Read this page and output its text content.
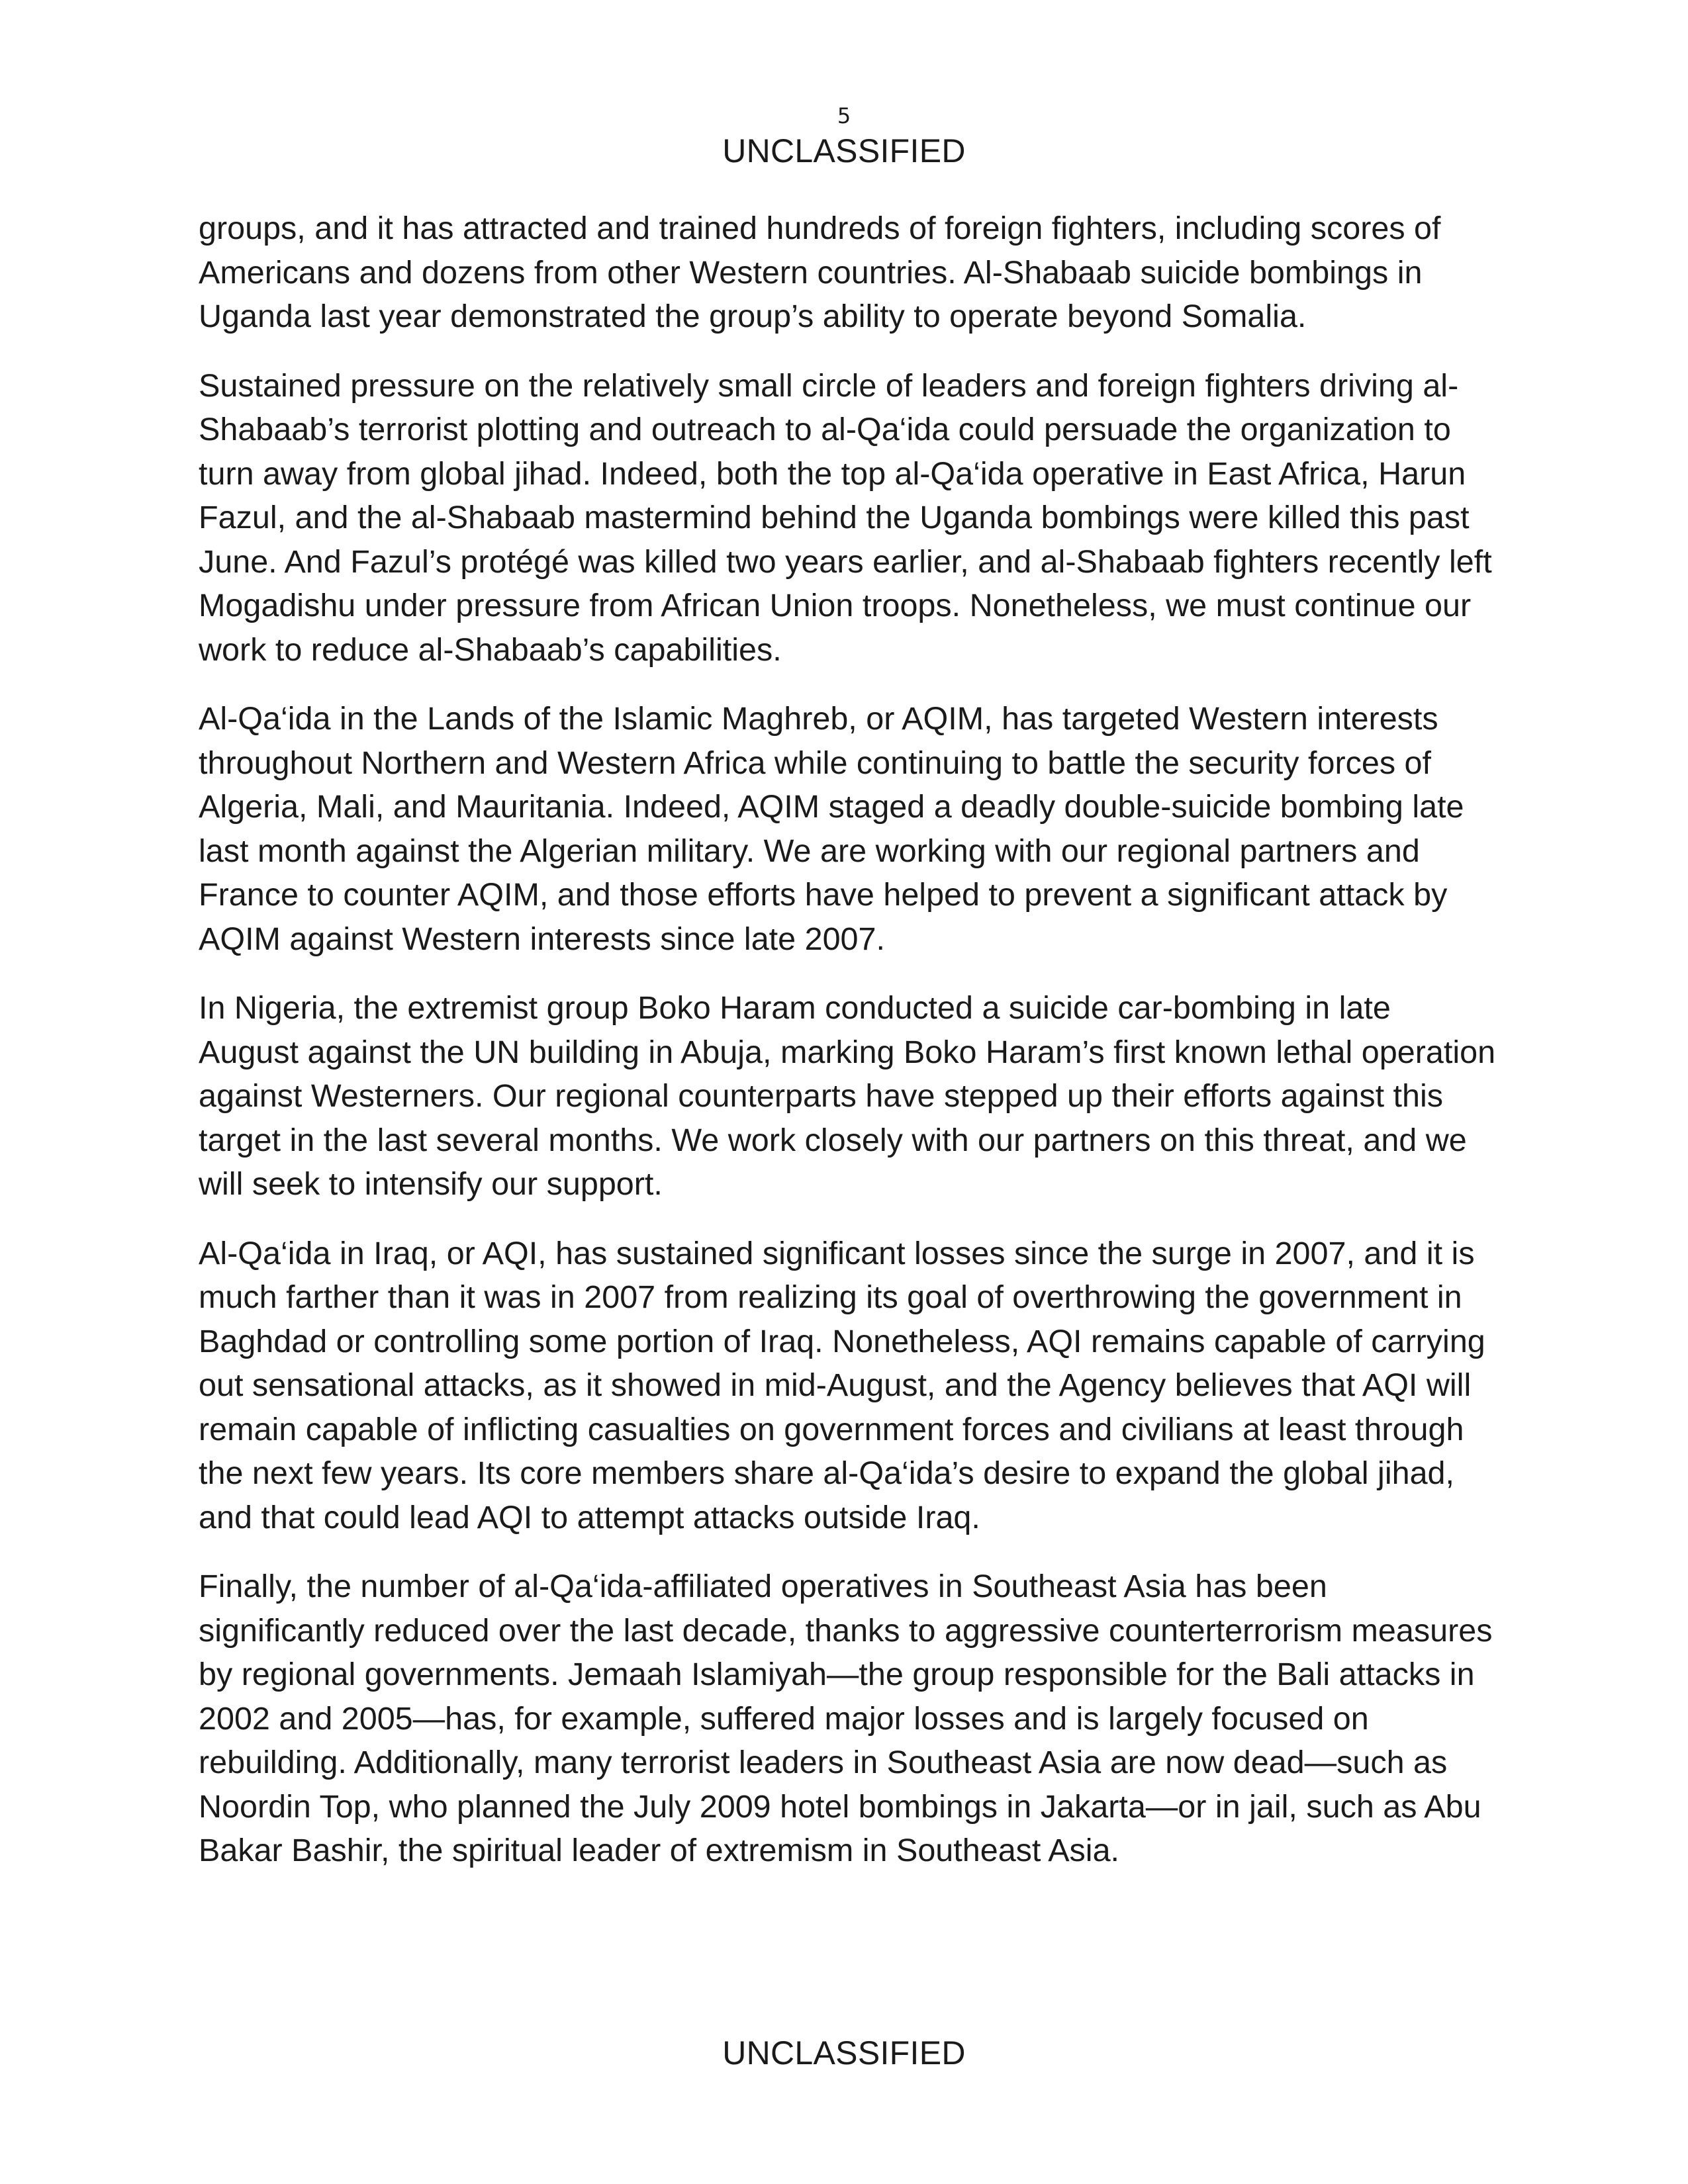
5
UNCLASSIFIED

groups, and it has attracted and trained hundreds of foreign fighters, including scores of Americans and dozens from other Western countries. Al-Shabaab suicide bombings in Uganda last year demonstrated the group’s ability to operate beyond Somalia.

Sustained pressure on the relatively small circle of leaders and foreign fighters driving al-Shabaab’s terrorist plotting and outreach to al-Qa‘ida could persuade the organization to turn away from global jihad. Indeed, both the top al-Qa‘ida operative in East Africa, Harun Fazul, and the al-Shabaab mastermind behind the Uganda bombings were killed this past June. And Fazul’s protégé was killed two years earlier, and al-Shabaab fighters recently left Mogadishu under pressure from African Union troops. Nonetheless, we must continue our work to reduce al-Shabaab’s capabilities.

Al-Qa‘ida in the Lands of the Islamic Maghreb, or AQIM, has targeted Western interests throughout Northern and Western Africa while continuing to battle the security forces of Algeria, Mali, and Mauritania. Indeed, AQIM staged a deadly double-suicide bombing late last month against the Algerian military. We are working with our regional partners and France to counter AQIM, and those efforts have helped to prevent a significant attack by AQIM against Western interests since late 2007.

In Nigeria, the extremist group Boko Haram conducted a suicide car-bombing in late August against the UN building in Abuja, marking Boko Haram’s first known lethal operation against Westerners. Our regional counterparts have stepped up their efforts against this target in the last several months. We work closely with our partners on this threat, and we will seek to intensify our support.

Al-Qa‘ida in Iraq, or AQI, has sustained significant losses since the surge in 2007, and it is much farther than it was in 2007 from realizing its goal of overthrowing the government in Baghdad or controlling some portion of Iraq. Nonetheless, AQI remains capable of carrying out sensational attacks, as it showed in mid-August, and the Agency believes that AQI will remain capable of inflicting casualties on government forces and civilians at least through the next few years. Its core members share al-Qa‘ida’s desire to expand the global jihad, and that could lead AQI to attempt attacks outside Iraq.

Finally, the number of al-Qa‘ida-affiliated operatives in Southeast Asia has been significantly reduced over the last decade, thanks to aggressive counterterrorism measures by regional governments. Jemaah Islamiyah—the group responsible for the Bali attacks in 2002 and 2005—has, for example, suffered major losses and is largely focused on rebuilding. Additionally, many terrorist leaders in Southeast Asia are now dead—such as Noordin Top, who planned the July 2009 hotel bombings in Jakarta—or in jail, such as Abu Bakar Bashir, the spiritual leader of extremism in Southeast Asia.

UNCLASSIFIED
